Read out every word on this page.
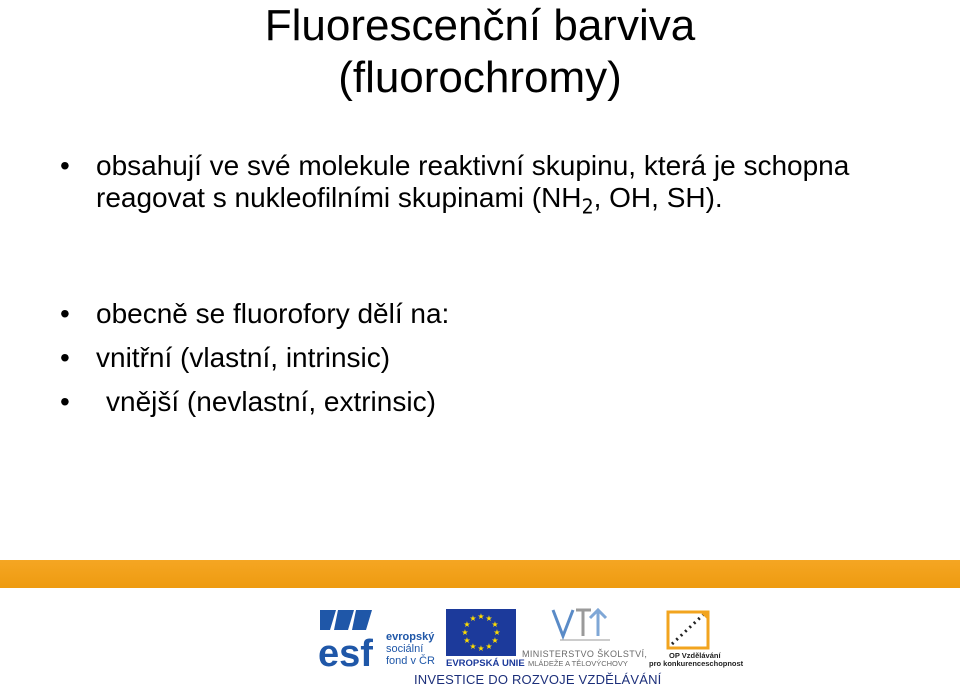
Fluorescenční barviva
(fluorochromy)
• obsahují ve své molekule reaktivní skupinu, která je schopna reagovat s nukleofilními skupinami ($NH_2$, OH, SH).
• obecně se fluorofory dělí na:
• vnitřní (vlastní, intrinsic)
• vnější (nevlastní, extrinsic)
esf evropský
sociální
fond v ČR
★ ★
★
★
★
★
★
★
★
★
★
★
EVROPSKÁ UNIE
MINISTERSTVO ŠKOLSTVÍ,
MLÁDEŽE A TĚLOVÝCHOVY
OP Vzdělávání
pro konkurenceschopnost
INVESTICE DO ROZVOJE VZDĚLÁVÁNÍ
